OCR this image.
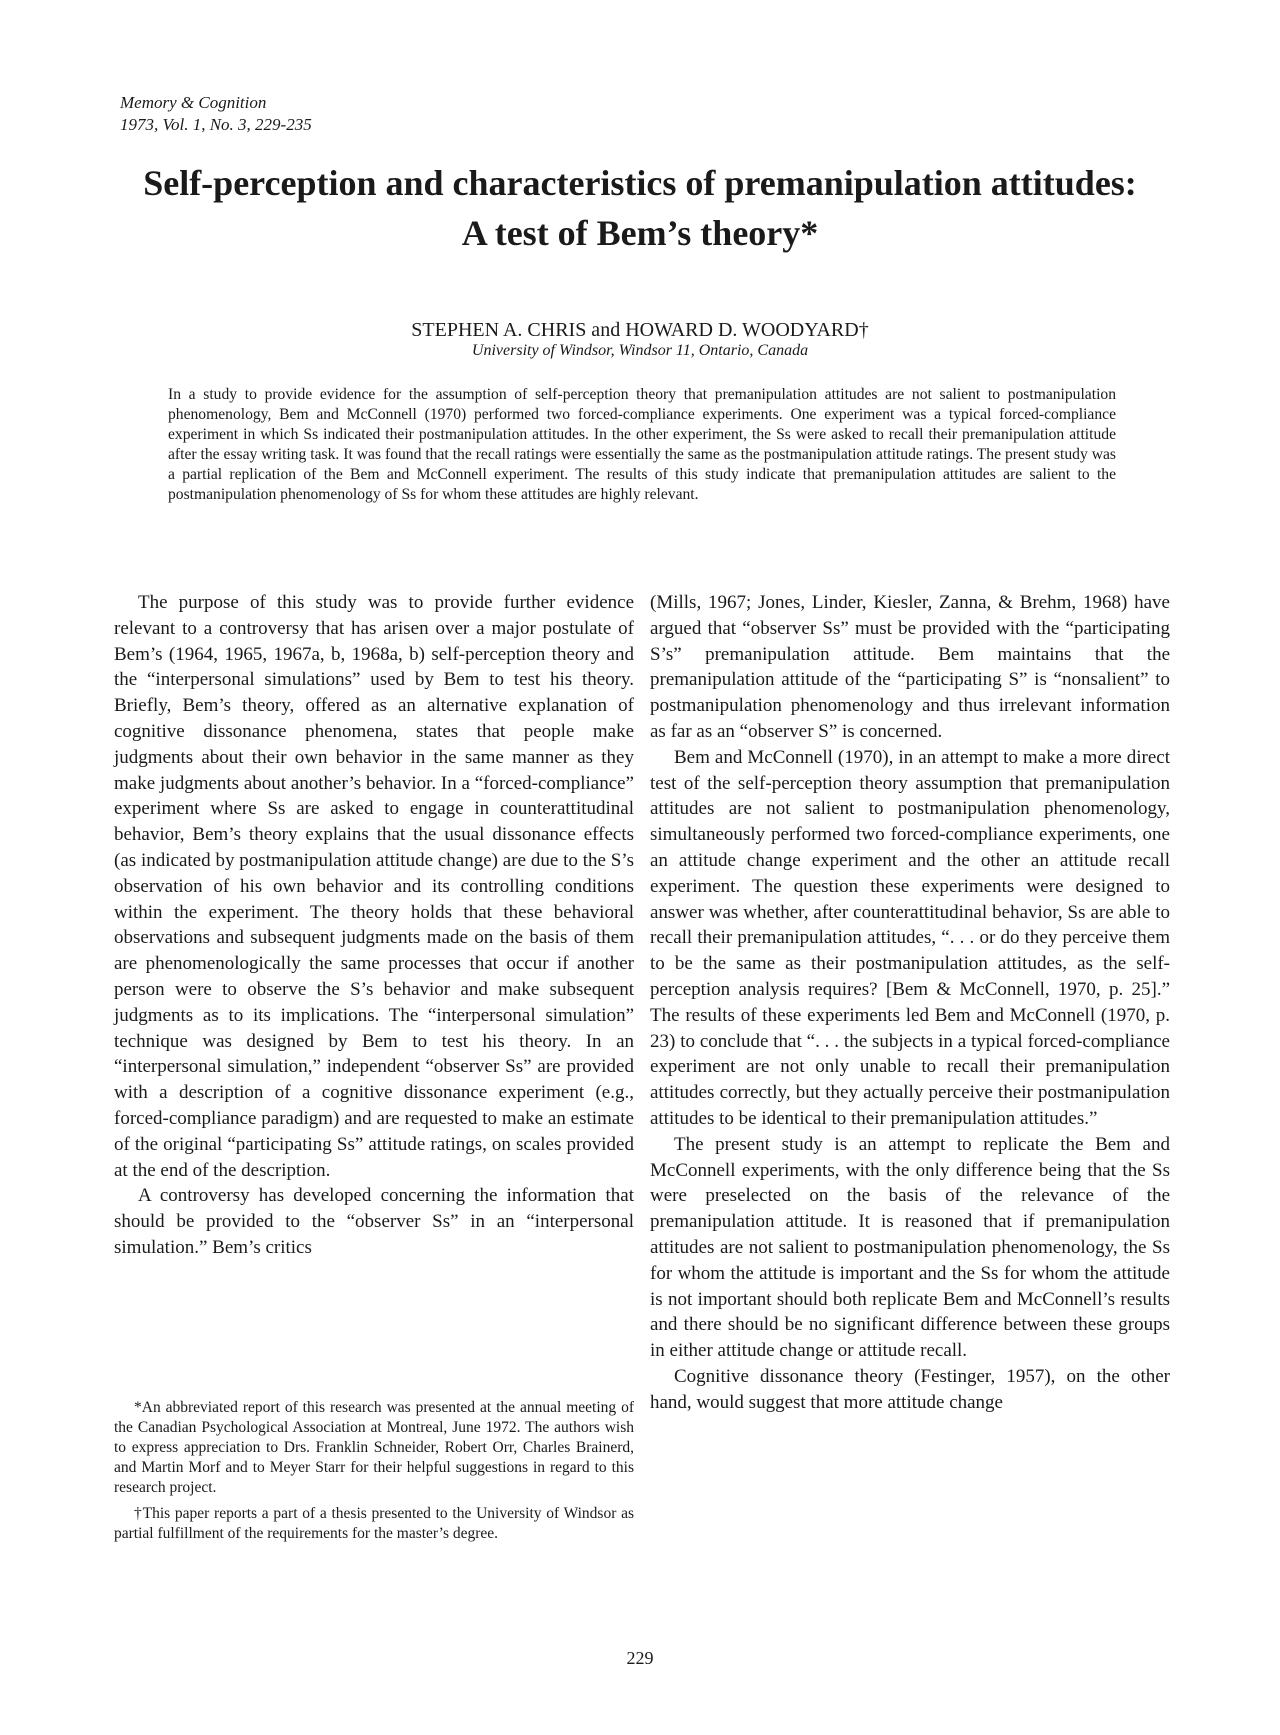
Memory & Cognition
1973, Vol. 1, No. 3, 229-235
Self-perception and characteristics of premanipulation attitudes:
A test of Bem’s theory*
STEPHEN A. CHRIS and HOWARD D. WOODYARD†
University of Windsor, Windsor 11, Ontario, Canada
In a study to provide evidence for the assumption of self-perception theory that premanipulation attitudes are not salient to postmanipulation phenomenology, Bem and McConnell (1970) performed two forced-compliance experiments. One experiment was a typical forced-compliance experiment in which Ss indicated their postmanipulation attitudes. In the other experiment, the Ss were asked to recall their premanipulation attitude after the essay writing task. It was found that the recall ratings were essentially the same as the postmanipulation attitude ratings. The present study was a partial replication of the Bem and McConnell experiment. The results of this study indicate that premanipulation attitudes are salient to the postmanipulation phenomenology of Ss for whom these attitudes are highly relevant.

The purpose of this study was to provide further evidence relevant to a controversy that has arisen over a major postulate of Bem’s (1964, 1965, 1967a, b, 1968a, b) self-perception theory and the “interpersonal simulations” used by Bem to test his theory. Briefly, Bem’s theory, offered as an alternative explanation of cognitive dissonance phenomena, states that people make judgments about their own behavior in the same manner as they make judgments about another’s behavior. In a “forced-compliance” experiment where Ss are asked to engage in counterattitudinal behavior, Bem’s theory explains that the usual dissonance effects (as indicated by postmanipulation attitude change) are due to the S’s observation of his own behavior and its controlling conditions within the experiment. The theory holds that these behavioral observations and subsequent judgments made on the basis of them are phenomenologically the same processes that occur if another person were to observe the S’s behavior and make subsequent judgments as to its implications. The “interpersonal simulation” technique was designed by Bem to test his theory. In an “interpersonal simulation,” independent “observer Ss” are provided with a description of a cognitive dissonance experiment (e.g., forced-compliance paradigm) and are requested to make an estimate of the original “participating Ss” attitude ratings, on scales provided at the end of the description.

A controversy has developed concerning the information that should be provided to the “observer Ss” in an “interpersonal simulation.” Bem’s critics

*An abbreviated report of this research was presented at the annual meeting of the Canadian Psychological Association at Montreal, June 1972. The authors wish to express appreciation to Drs. Franklin Schneider, Robert Orr, Charles Brainerd, and Martin Morf and to Meyer Starr for their helpful suggestions in regard to this research project.

†This paper reports a part of a thesis presented to the University of Windsor as partial fulfillment of the requirements for the master’s degree.

(Mills, 1967; Jones, Linder, Kiesler, Zanna, & Brehm, 1968) have argued that “observer Ss” must be provided with the “participating S’s” premanipulation attitude. Bem maintains that the premanipulation attitude of the “participating S” is “nonsalient” to postmanipulation phenomenology and thus irrelevant information as far as an “observer S” is concerned.

Bem and McConnell (1970), in an attempt to make a more direct test of the self-perception theory assumption that premanipulation attitudes are not salient to postmanipulation phenomenology, simultaneously performed two forced-compliance experiments, one an attitude change experiment and the other an attitude recall experiment. The question these experiments were designed to answer was whether, after counterattitudinal behavior, Ss are able to recall their premanipulation attitudes, “. . . or do they perceive them to be the same as their postmanipulation attitudes, as the self-perception analysis requires? [Bem & McConnell, 1970, p. 25].” The results of these experiments led Bem and McConnell (1970, p. 23) to conclude that “. . . the subjects in a typical forced-compliance experiment are not only unable to recall their premanipulation attitudes correctly, but they actually perceive their postmanipulation attitudes to be identical to their premanipulation attitudes.”

The present study is an attempt to replicate the Bem and McConnell experiments, with the only difference being that the Ss were preselected on the basis of the relevance of the premanipulation attitude. It is reasoned that if premanipulation attitudes are not salient to postmanipulation phenomenology, the Ss for whom the attitude is important and the Ss for whom the attitude is not important should both replicate Bem and McConnell’s results and there should be no significant difference between these groups in either attitude change or attitude recall.

Cognitive dissonance theory (Festinger, 1957), on the other hand, would suggest that more attitude change

229
